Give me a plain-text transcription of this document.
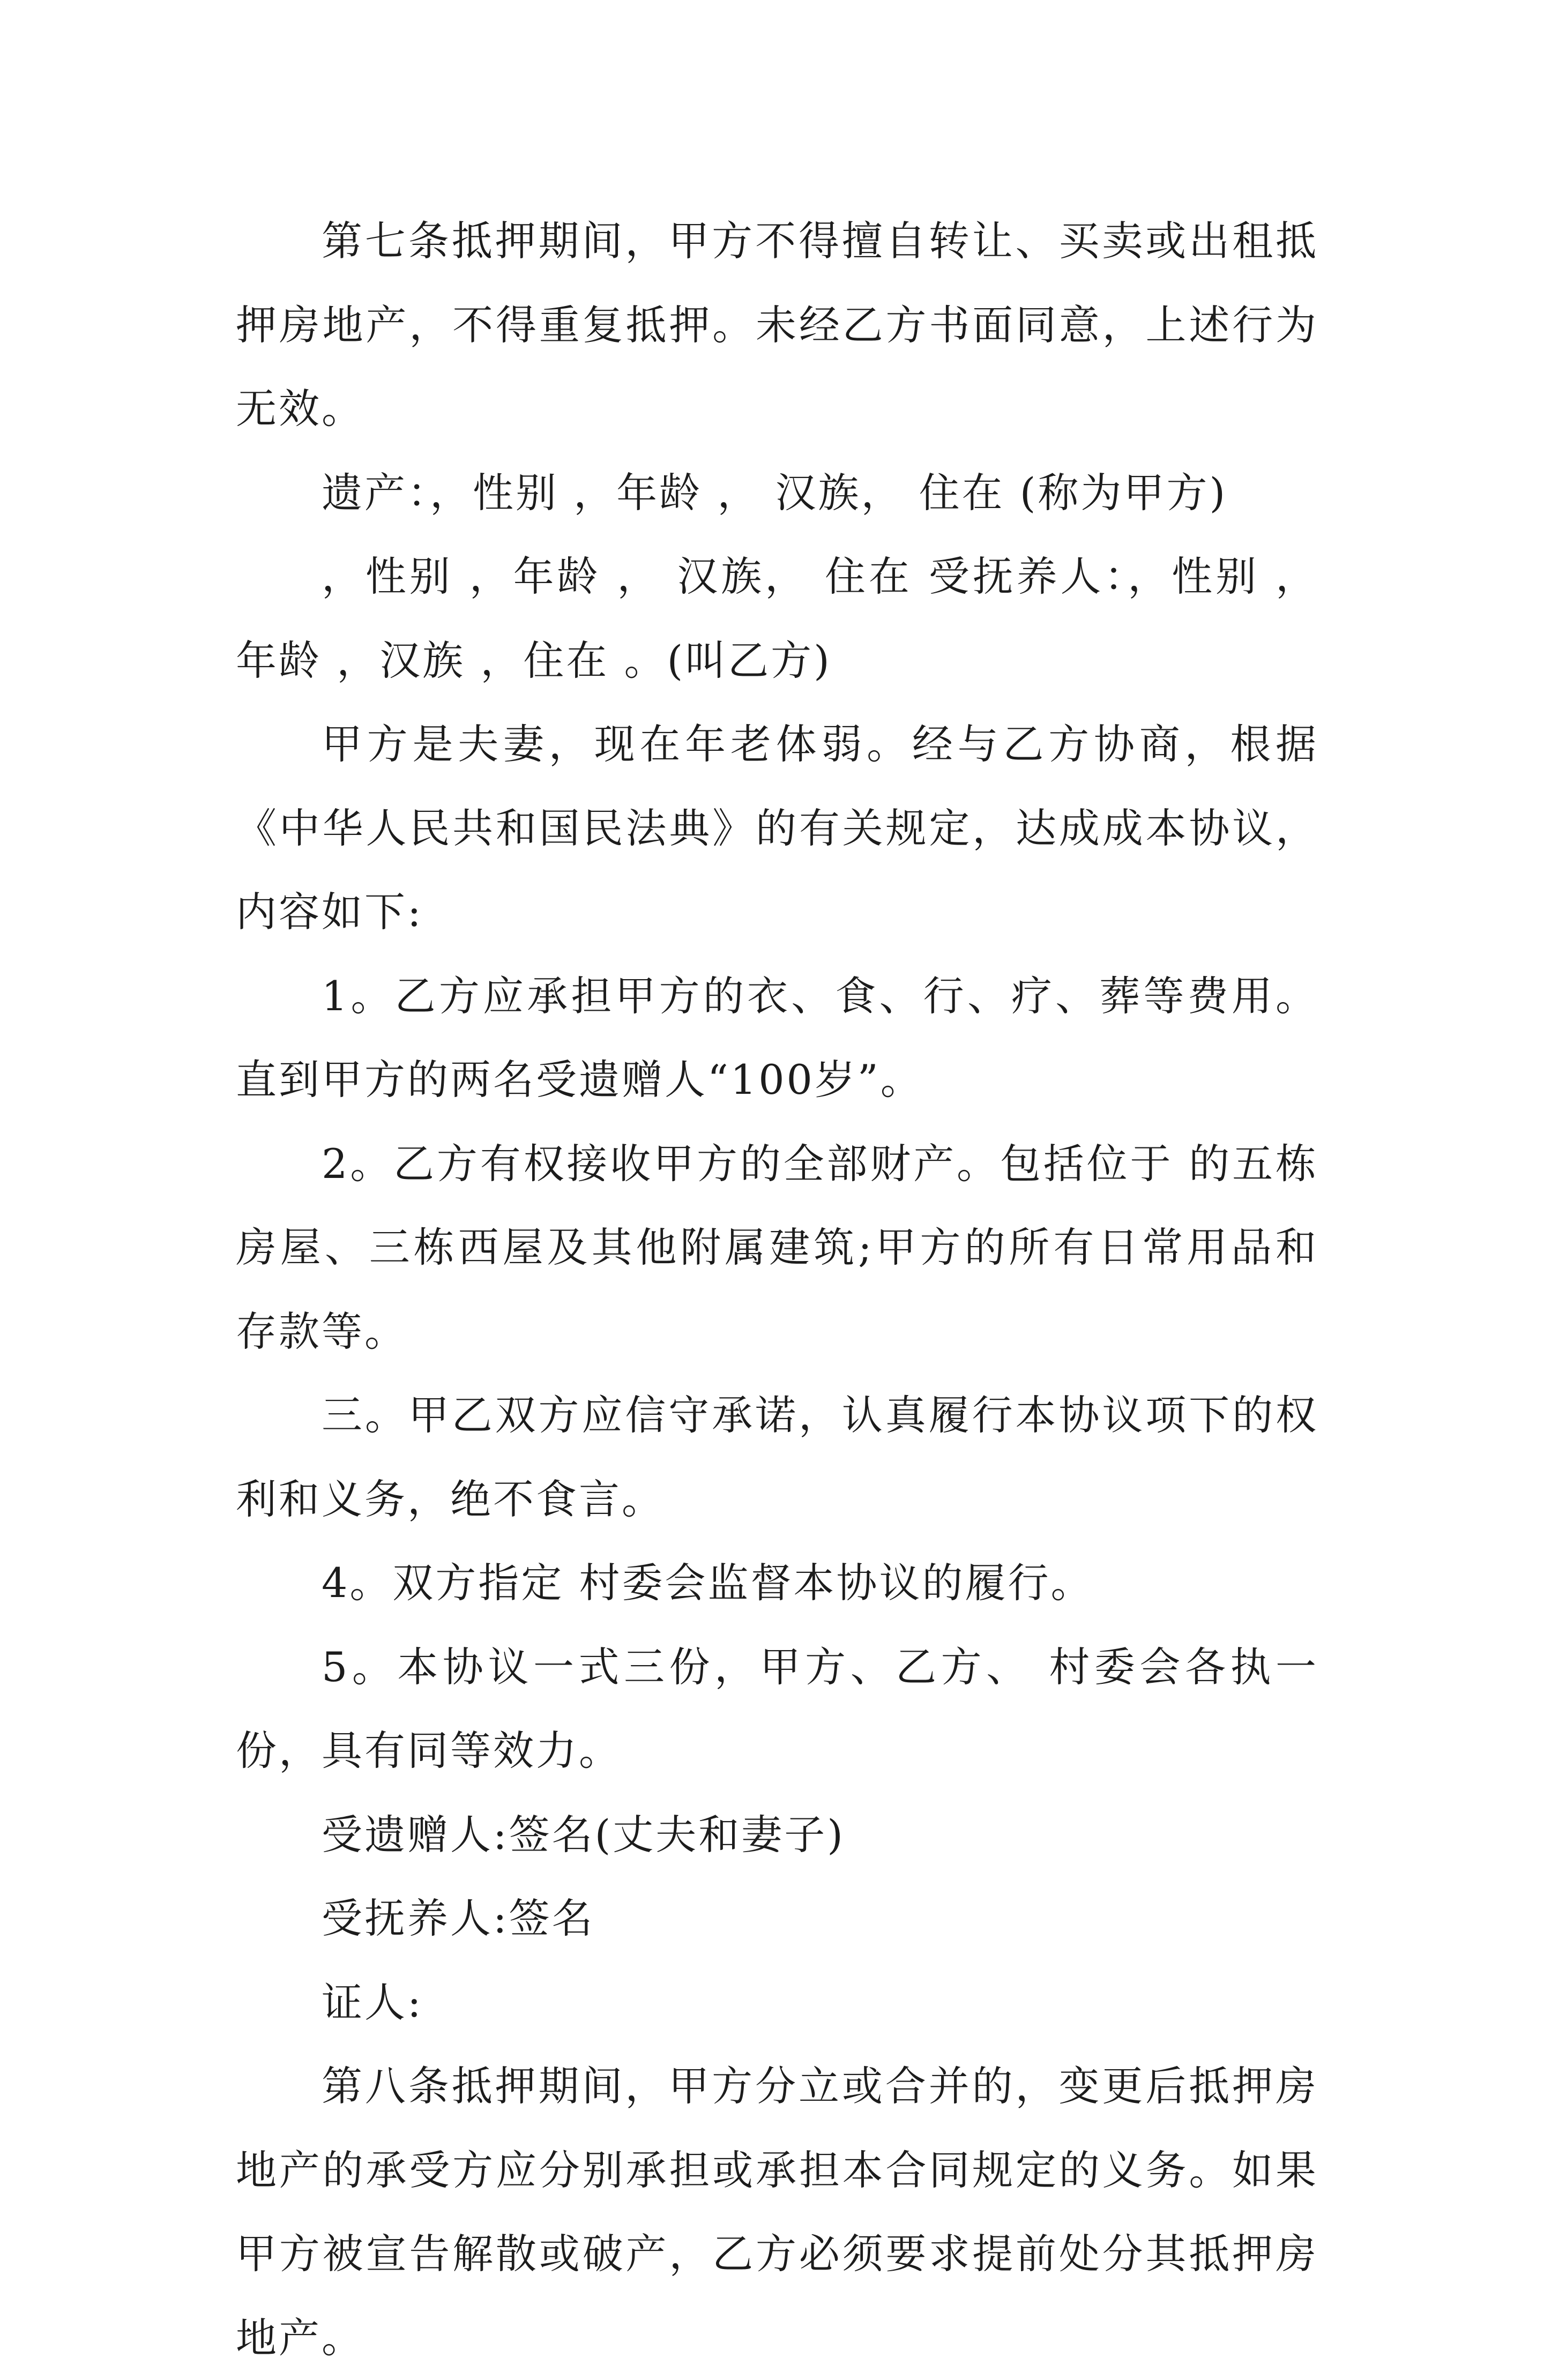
第七条抵押期间，甲方不得擅自转让、买卖或出租抵押房地产，不得重复抵押。未经乙方书面同意，上述行为无效。

遗产：，性别 ，年龄 ， 汉族， 住在 (称为甲方)

，性别 ，年龄 ， 汉族， 住在 受抚养人：，性别 ，年龄 ，汉族 ，住在 。(叫乙方)

甲方是夫妻，现在年老体弱。经与乙方协商，根据《中华人民共和国民法典》的有关规定，达成成本协议，内容如下:

1。乙方应承担甲方的衣、食、行、疗、葬等费用。直到甲方的两名受遗赠人“100岁”。

2。乙方有权接收甲方的全部财产。包括位于 的五栋房屋、三栋西屋及其他附属建筑;甲方的所有日常用品和存款等。

三。甲乙双方应信守承诺，认真履行本协议项下的权利和义务，绝不食言。

4。双方指定 村委会监督本协议的履行。

5。本协议一式三份，甲方、乙方、 村委会各执一份，具有同等效力。

受遗赠人:签名(丈夫和妻子)

受抚养人:签名

证人:

第八条抵押期间，甲方分立或合并的，变更后抵押房地产的承受方应分别承担或承担本合同规定的义务。如果甲方被宣告解散或破产，乙方必须要求提前处分其抵押房地产。
